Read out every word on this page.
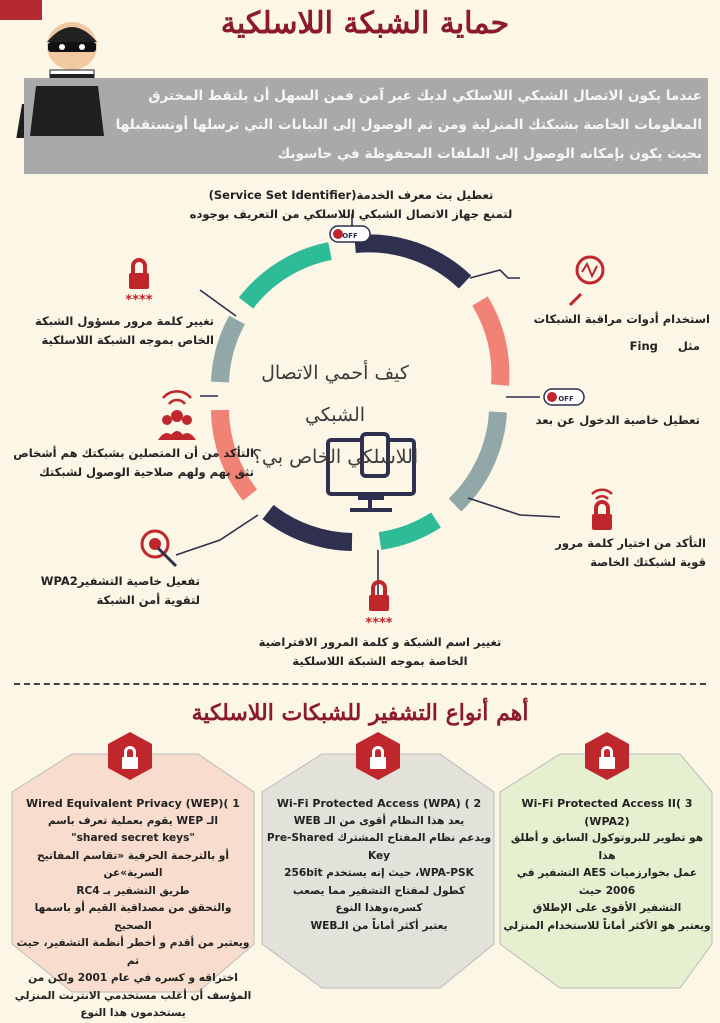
حماية الشبكة اللاسلكية
عندما يكون الاتصال الشبكي اللاسلكي لديك غير آمن فمن السهل أن يلتقط المخترق
المعلومات الخاصة بشبكتك المنزلية ومن ثم الوصول إلى البيانات التي ترسلها أوتستقبلها
بحيث يكون بإمكانه الوصول إلى الملفات المحفوظة في حاسوبك
****
****
OFF
OFF
كيف أحمي الاتصال الشبكي
اللاسلكي الخاص بي؟
تعطيل بث معرف الخدمة(Service Set Identifier)
لتمنع جهاز الاتصال الشبكي اللاسلكي من التعريف بوجوده
استخدام أدوات مراقبة الشبكات
مثل     Fing
تعطيل خاصية الدخول عن بعد
التأكد من اختيار كلمة مرور
قوية لشبكتك الخاصة
تغيير اسم الشبكة و كلمة المرور الافتراضية
الخاصة بموجه الشبكة اللاسلكية
تفعيل خاصية التشفيرWPA2
لتقوية أمن الشبكة
التأكد من أن المتصلين بشبكتك هم أشخاص
تثق بهم ولهم صلاحية الوصول لشبكتك
تغيير كلمة مرور مسؤول الشبكة
الخاص بموجه الشبكة اللاسلكية
أهم أنواع التشفير للشبكات اللاسلكية
3 )Wi-Fi Protected Access II (WPA2)
هو تطوير للبروتوكول السابق و أطلق هذا
عمل بخوارزميات AES التشفير في 2006 حيث
التشفير الأقوى على الإطلاق
ويعتبر هو الأكثر أماناً للاستخدام المنزلي
2 ) Wi-Fi Protected Access (WPA)
يعد هذا النظام أقوى من الـ WEB
ويدعم نظام المفتاح المشترك Pre-Shared Key
WPA-PSK، حيث إنه يستخدم 256bit
كطول لمفتاح التشفير مما يصعب كسره،وهذا النوع
يعتبر أكثر أماناً من الـWEB
1 )Wired Equivalent Privacy (WEP)
الـ WEP يقوم بعملية تعرف باسم
"shared secret keys"
أو بالترجمة الحرفية «تقاسم المفاتيح السرية»عن
طريق التشفير بـ RC4
والتحقق من مصداقية القيم أو باسمها الصحيح
ويعتبر من أقدم و أخطر أنظمة التشفير، حيث تم
اختراقه و كسره في عام 2001 ولكن من
المؤسف أن أغلب مستخدمي الانترنت المنزلي
يستخدمون هذا النوع
